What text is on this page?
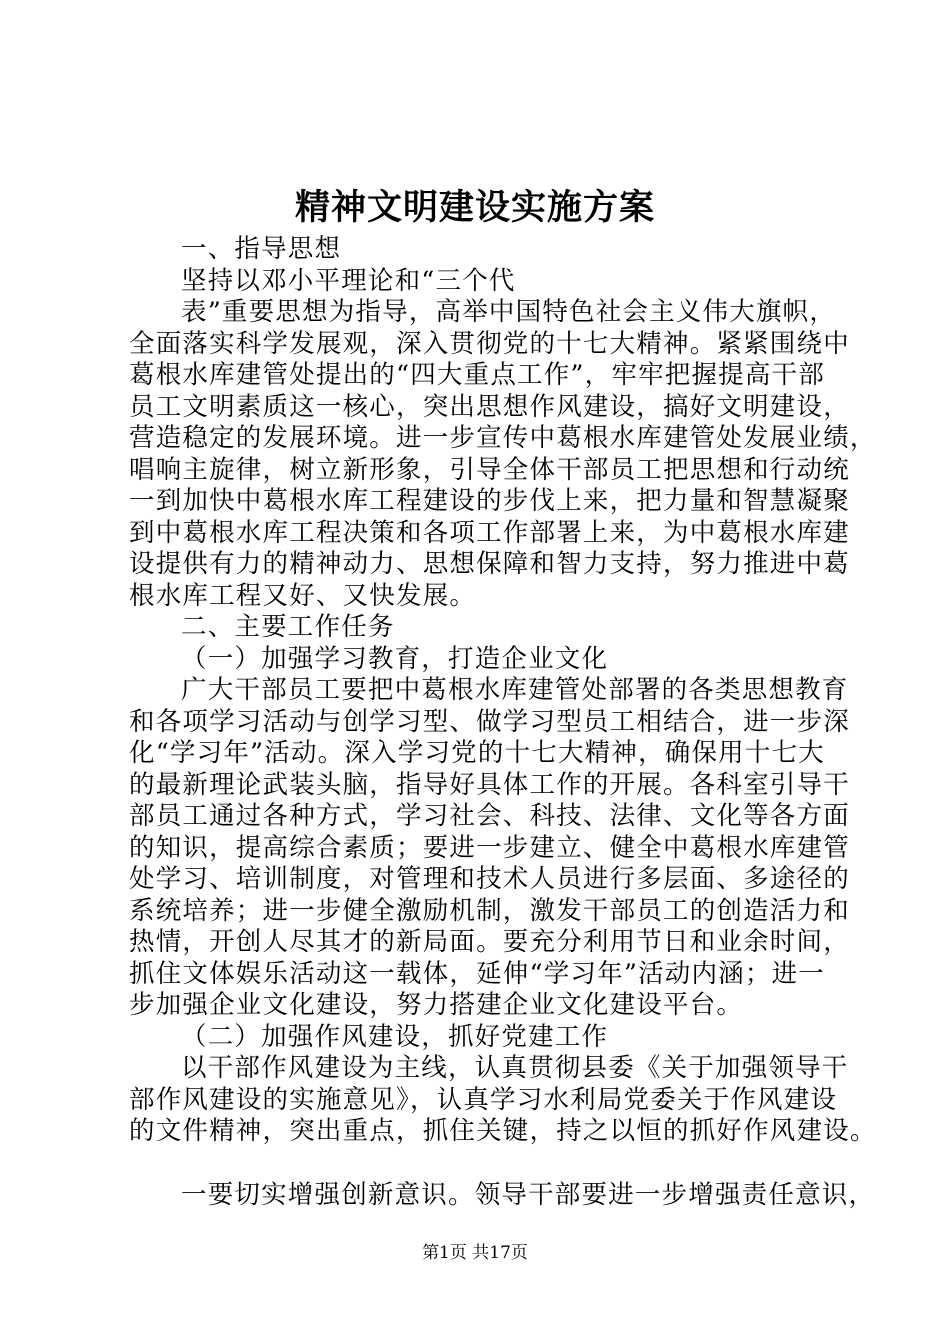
精神文明建设实施方案
一、指导思想
坚持以邓小平理论和“三个代
表”重要思想为指导，高举中国特色社会主义伟大旗帜，
全面落实科学发展观，深入贯彻党的十七大精神。紧紧围绕中
葛根水库建管处提出的“四大重点工作”，牢牢把握提高干部
员工文明素质这一核心，突出思想作风建设，搞好文明建设，
营造稳定的发展环境。进一步宣传中葛根水库建管处发展业绩，
唱响主旋律，树立新形象，引导全体干部员工把思想和行动统
一到加快中葛根水库工程建设的步伐上来，把力量和智慧凝聚
到中葛根水库工程决策和各项工作部署上来，为中葛根水库建
设提供有力的精神动力、思想保障和智力支持，努力推进中葛
根水库工程又好、又快发展。
二、主要工作任务
（一）加强学习教育，打造企业文化
广大干部员工要把中葛根水库建管处部署的各类思想教育
和各项学习活动与创学习型、做学习型员工相结合，进一步深
化“学习年”活动。深入学习党的十七大精神，确保用十七大
的最新理论武装头脑，指导好具体工作的开展。各科室引导干
部员工通过各种方式，学习社会、科技、法律、文化等各方面
的知识，提高综合素质；要进一步建立、健全中葛根水库建管
处学习、培训制度，对管理和技术人员进行多层面、多途径的
系统培养；进一步健全激励机制，激发干部员工的创造活力和
热情，开创人尽其才的新局面。要充分利用节日和业余时间，
抓住文体娱乐活动这一载体，延伸“学习年”活动内涵；进一
步加强企业文化建设，努力搭建企业文化建设平台。
（二）加强作风建设，抓好党建工作
以干部作风建设为主线，认真贯彻县委《关于加强领导干
部作风建设的实施意见》，认真学习水利局党委关于作风建设
的文件精神，突出重点，抓住关键，持之以恒的抓好作风建设。
一要切实增强创新意识。领导干部要进一步增强责任意识，
第1页 共17页
